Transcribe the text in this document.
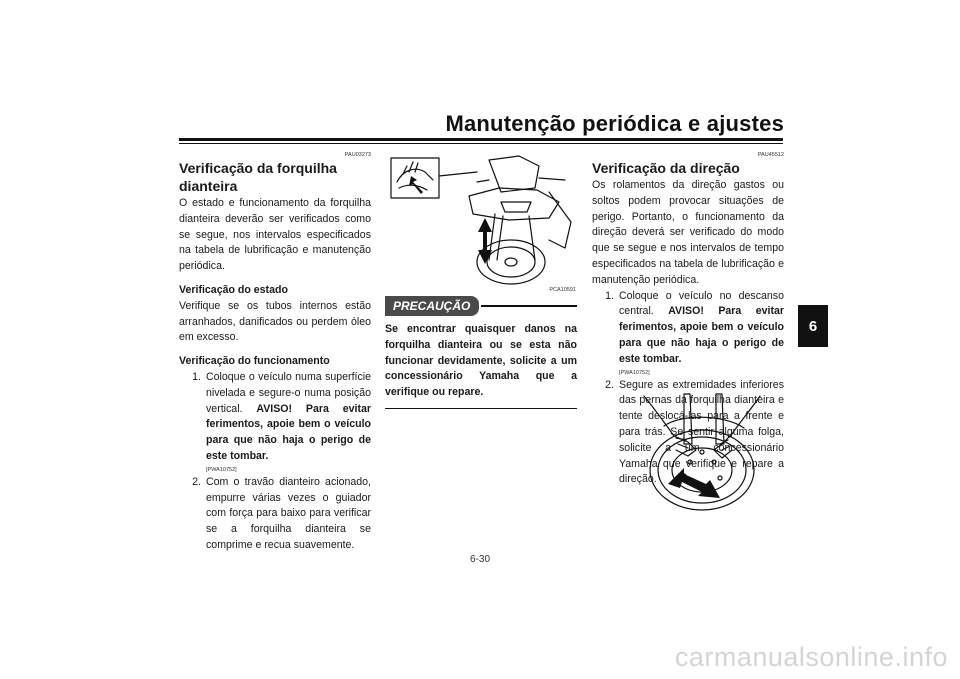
Manutenção periódica e ajustes
6
PAU03273
Verificação da forquilha dianteira
O estado e funcionamento da forquilha dianteira deverão ser verificados como se segue, nos intervalos especificados na tabela de lubrificação e manutenção periódica.
Verificação do estado
Verifique se os tubos internos estão arranhados, danificados ou perdem óleo em excesso.
Verificação do funcionamento
1. Coloque o veículo numa superfície nivelada e segure-o numa posição vertical. AVISO! Para evitar ferimentos, apoie bem o veículo para que não haja o perigo de este tombar.
[PWA10752]
2. Com o travão dianteiro acionado, empurre várias vezes o guiador com força para baixo para verificar se a forquilha dianteira se comprime e recua suavemente.
PCA10591
PRECAUÇÃO
Se encontrar quaisquer danos na forquilha dianteira ou se esta não funcionar devidamente, solicite a um concessionário Yamaha que a verifique ou repare.
PAU45512
Verificação da direção
Os rolamentos da direção gastos ou soltos podem provocar situações de perigo. Portanto, o funcionamento da direção deverá ser verificado do modo que se segue e nos intervalos de tempo especificados na tabela de lubrificação e manutenção periódica.
1. Coloque o veículo no descanso central. AVISO! Para evitar ferimentos, apoie bem o veículo para que não haja o perigo de este tombar.
[PWA10752]
2. Segure as extremidades inferiores das pernas da forquilha dianteira e tente deslocá-las para a frente e para trás. Se sentir alguma folga, solicite a um concessionário Yamaha que verifique e repare a direção.
6-30
carmanualsonline.info
